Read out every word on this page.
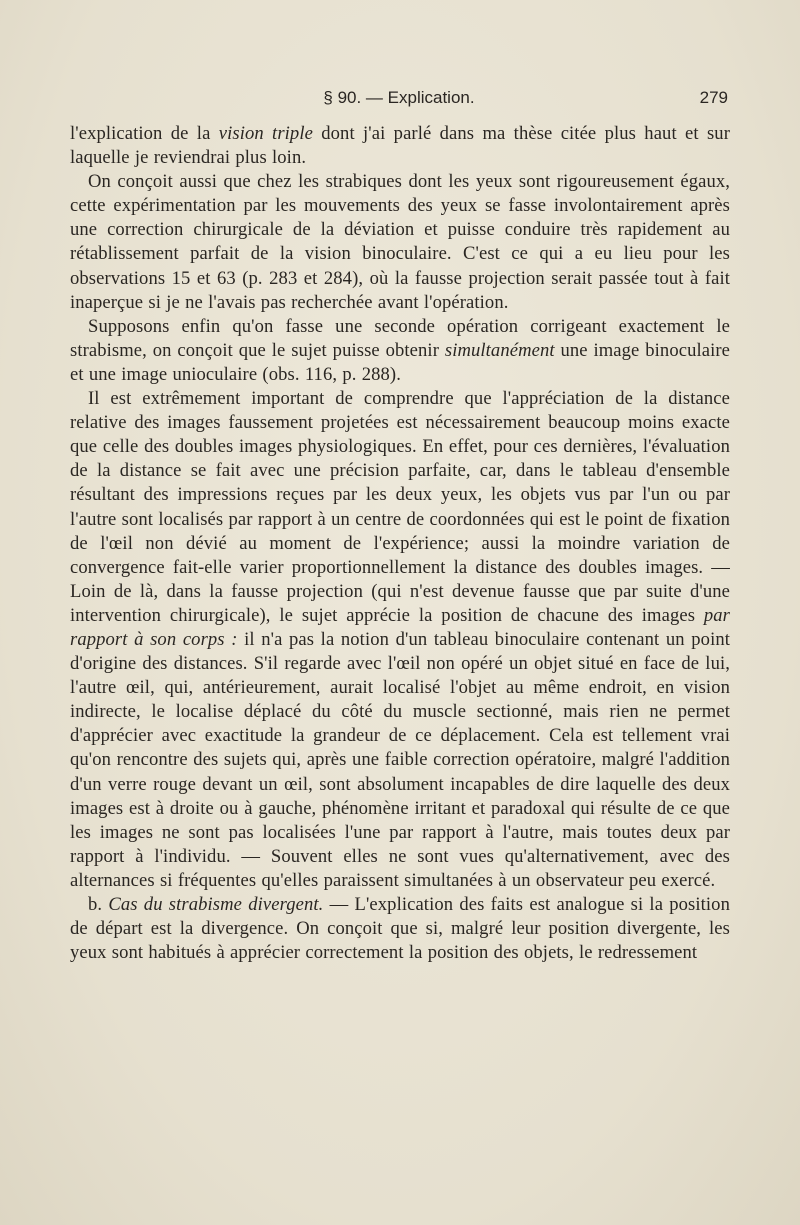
§ 90. — Explication.	279

l'explication de la vision triple dont j'ai parlé dans ma thèse citée plus haut et sur laquelle je reviendrai plus loin.

On conçoit aussi que chez les strabiques dont les yeux sont rigoureusement égaux, cette expérimentation par les mouvements des yeux se fasse involontairement après une correction chirurgicale de la déviation et puisse conduire très rapidement au rétablissement parfait de la vision binoculaire. C'est ce qui a eu lieu pour les observations 15 et 63 (p. 283 et 284), où la fausse projection serait passée tout à fait inaperçue si je ne l'avais pas recherchée avant l'opération.

Supposons enfin qu'on fasse une seconde opération corrigeant exactement le strabisme, on conçoit que le sujet puisse obtenir simultanément une image binoculaire et une image unioculaire (obs. 116, p. 288).

Il est extrêmement important de comprendre que l'appréciation de la distance relative des images faussement projetées est nécessairement beaucoup moins exacte que celle des doubles images physiologiques. En effet, pour ces dernières, l'évaluation de la distance se fait avec une précision parfaite, car, dans le tableau d'ensemble résultant des impressions reçues par les deux yeux, les objets vus par l'un ou par l'autre sont localisés par rapport à un centre de coordonnées qui est le point de fixation de l'œil non dévié au moment de l'expérience; aussi la moindre variation de convergence fait-elle varier proportionnellement la distance des doubles images. — Loin de là, dans la fausse projection (qui n'est devenue fausse que par suite d'une intervention chirurgicale), le sujet apprécie la position de chacune des images par rapport à son corps : il n'a pas la notion d'un tableau binoculaire contenant un point d'origine des distances. S'il regarde avec l'œil non opéré un objet situé en face de lui, l'autre œil, qui, antérieurement, aurait localisé l'objet au même endroit, en vision indirecte, le localise déplacé du côté du muscle sectionné, mais rien ne permet d'apprécier avec exactitude la grandeur de ce déplacement. Cela est tellement vrai qu'on rencontre des sujets qui, après une faible correction opératoire, malgré l'addition d'un verre rouge devant un œil, sont absolument incapables de dire laquelle des deux images est à droite ou à gauche, phénomène irritant et paradoxal qui résulte de ce que les images ne sont pas localisées l'une par rapport à l'autre, mais toutes deux par rapport à l'individu. — Souvent elles ne sont vues qu'alternativement, avec des alternances si fréquentes qu'elles paraissent simultanées à un observateur peu exercé.

b. Cas du strabisme divergent. — L'explication des faits est analogue si la position de départ est la divergence. On conçoit que si, malgré leur position divergente, les yeux sont habitués à apprécier correctement la position des objets, le redressement
